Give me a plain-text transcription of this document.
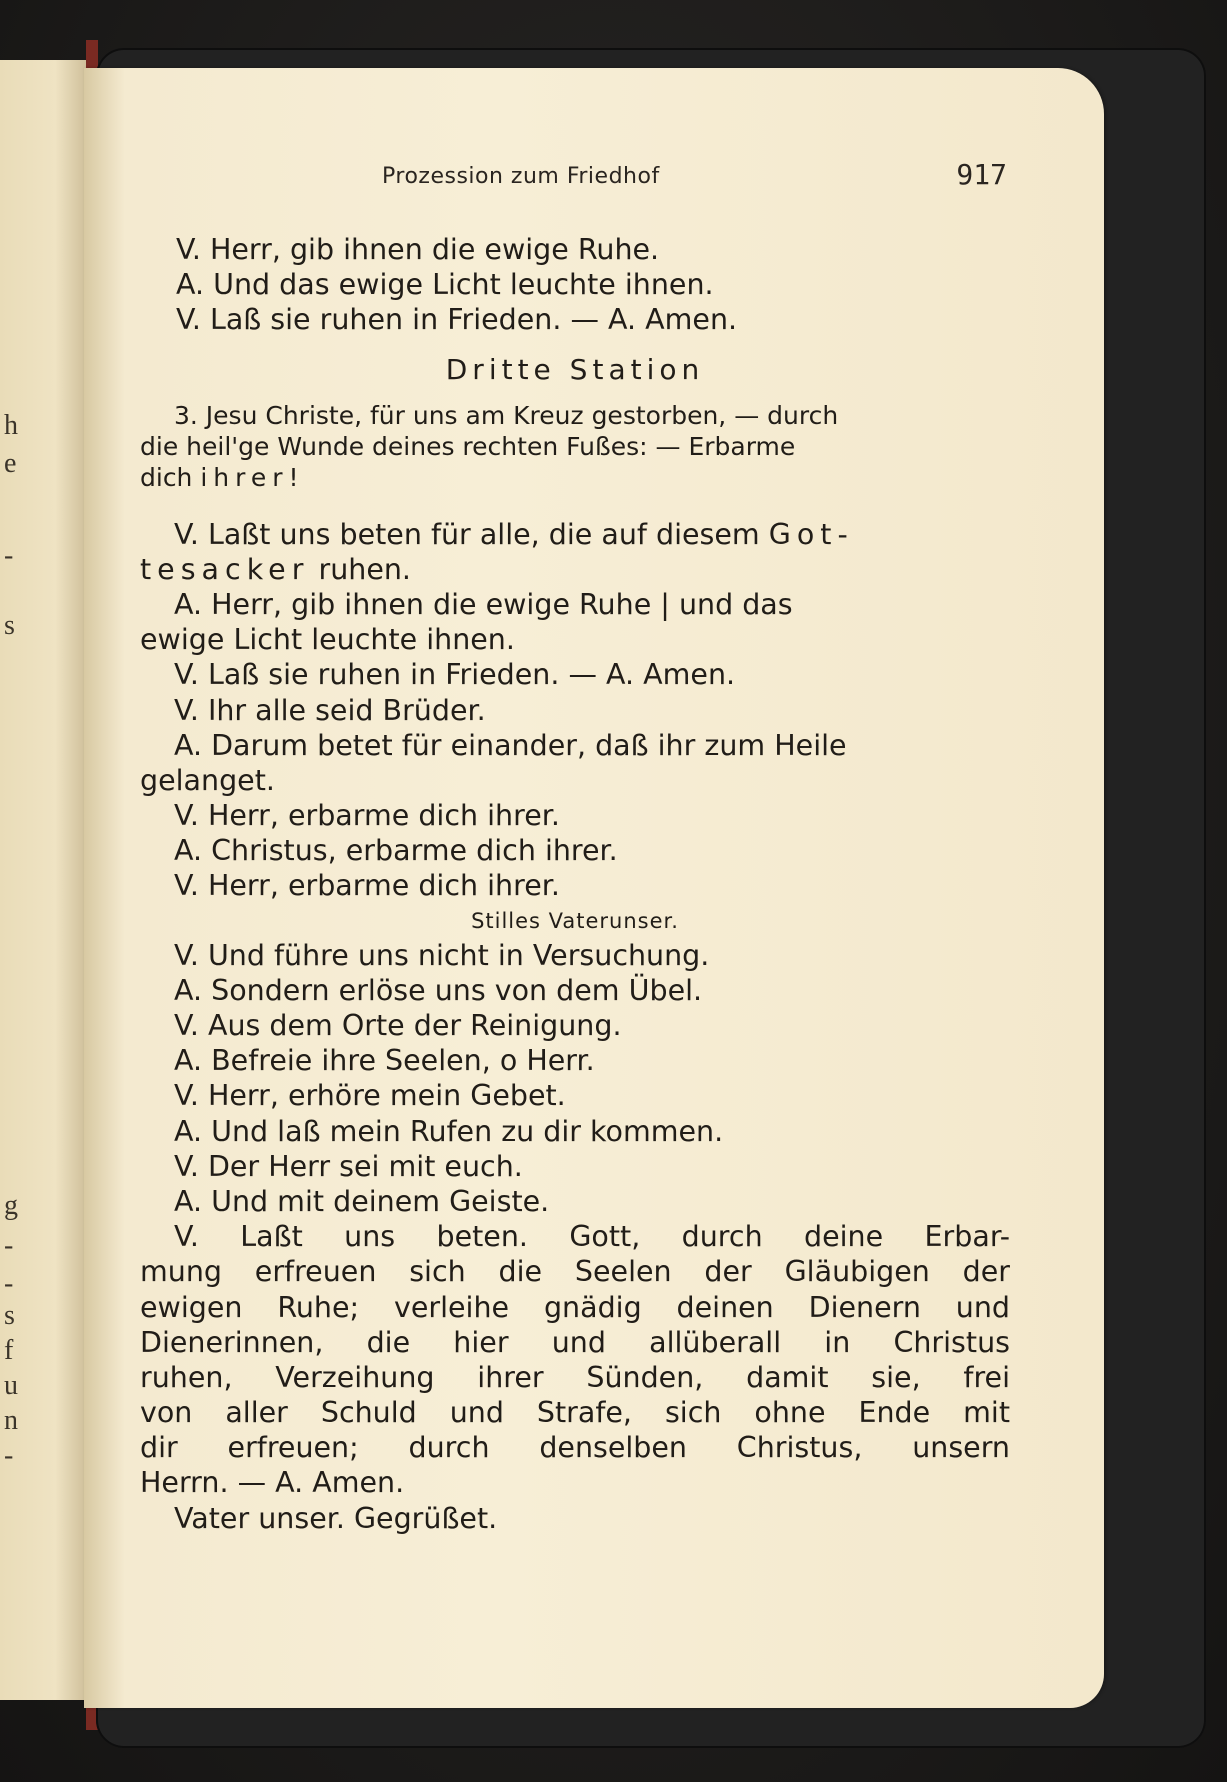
h
e
-
s
g
-
-
s
f
u
n
-
Prozession zum Friedhof	917
V. Herr, gib ihnen die ewige Ruhe.
A. Und das ewige Licht leuchte ihnen.
V. Laß sie ruhen in Frieden. — A. Amen.
Dritte Station
3. Jesu Christe, für uns am Kreuz gestorben, — durch
die heil'ge Wunde deines rechten Fußes: — Erbarme
dich ihrer!
V. Laßt uns beten für alle, die auf diesem Got-
tesacker ruhen.
A. Herr, gib ihnen die ewige Ruhe | und das
ewige Licht leuchte ihnen.
V. Laß sie ruhen in Frieden. — A. Amen.
V. Ihr alle seid Brüder.
A. Darum betet für einander, daß ihr zum Heile
gelanget.
V. Herr, erbarme dich ihrer.
A. Christus, erbarme dich ihrer.
V. Herr, erbarme dich ihrer.
Stilles Vaterunser.
V. Und führe uns nicht in Versuchung.
A. Sondern erlöse uns von dem Übel.
V. Aus dem Orte der Reinigung.
A. Befreie ihre Seelen, o Herr.
V. Herr, erhöre mein Gebet.
A. Und laß mein Rufen zu dir kommen.
V. Der Herr sei mit euch.
A. Und mit deinem Geiste.
V. Laßt uns beten. Gott, durch deine Erbar-
mung erfreuen sich die Seelen der Gläubigen der
ewigen Ruhe; verleihe gnädig deinen Dienern und
Dienerinnen, die hier und allüberall in Christus
ruhen, Verzeihung ihrer Sünden, damit sie, frei
von aller Schuld und Strafe, sich ohne Ende mit
dir erfreuen; durch denselben Christus, unsern
Herrn. — A. Amen.
Vater unser. Gegrüßet.
